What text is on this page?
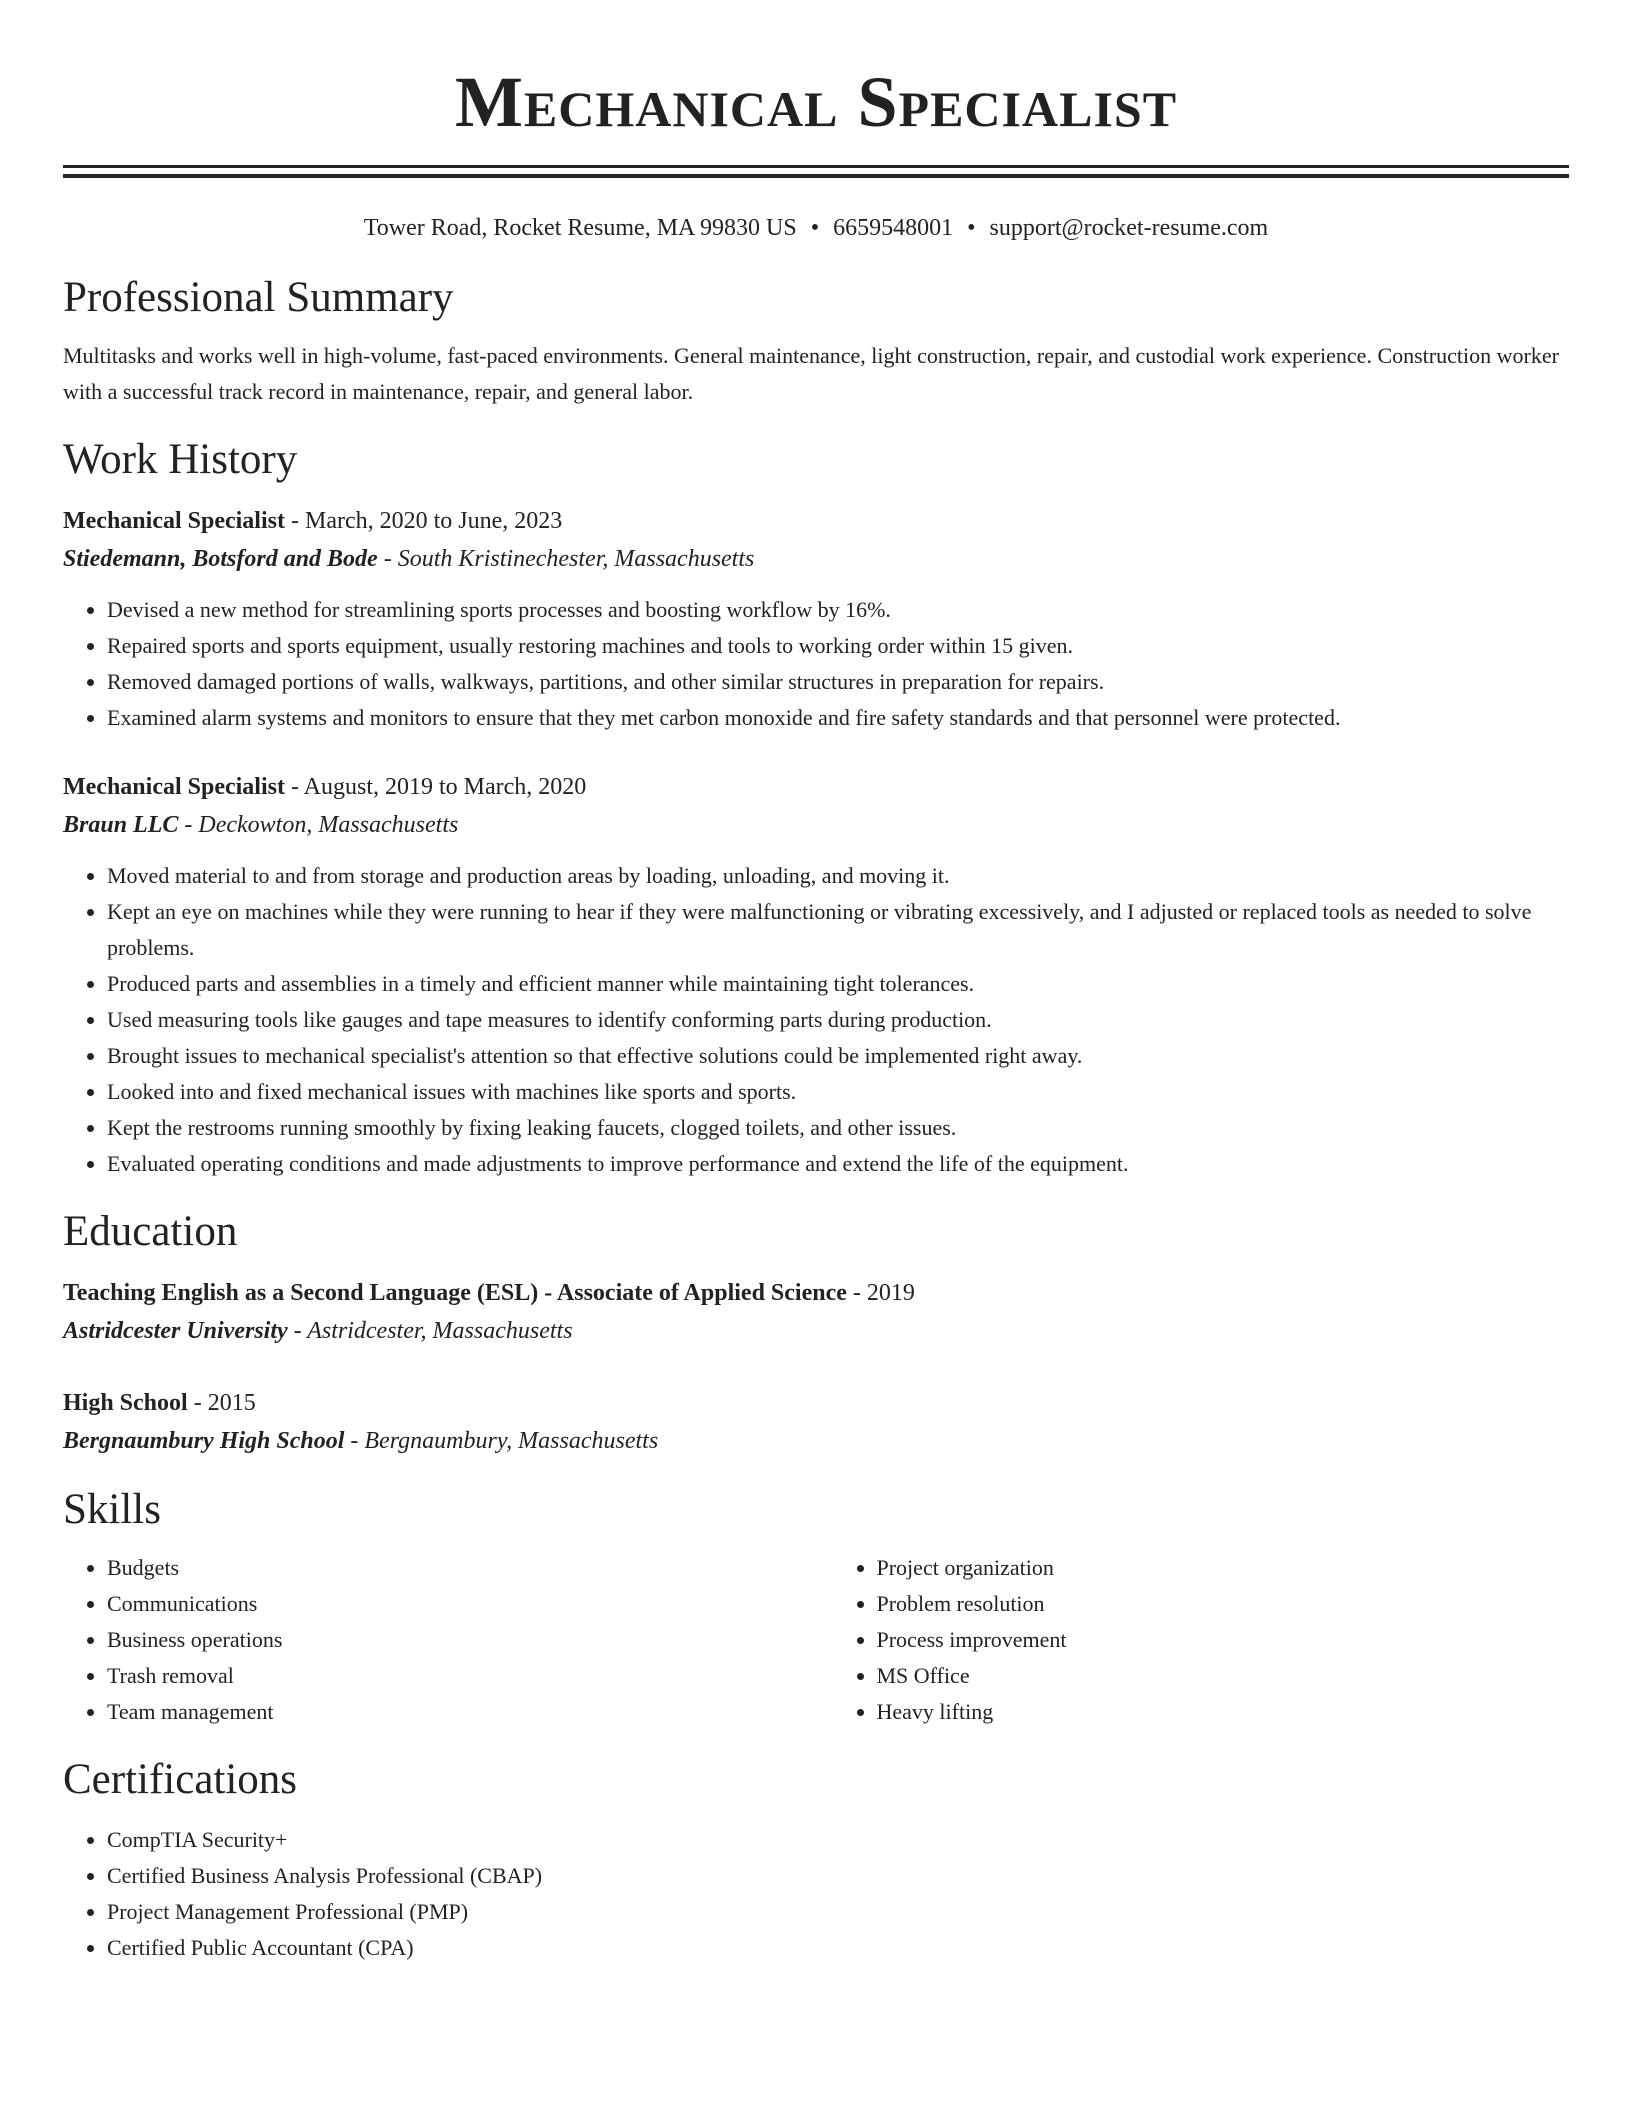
Mechanical Specialist
Tower Road, Rocket Resume, MA 99830 US • 6659548001 • support@rocket-resume.com
Professional Summary
Multitasks and works well in high-volume, fast-paced environments. General maintenance, light construction, repair, and custodial work experience. Construction worker with a successful track record in maintenance, repair, and general labor.
Work History
Mechanical Specialist - March, 2020 to June, 2023
Stiedemann, Botsford and Bode - South Kristinechester, Massachusetts
• Devised a new method for streamlining sports processes and boosting workflow by 16%.
• Repaired sports and sports equipment, usually restoring machines and tools to working order within 15 given.
• Removed damaged portions of walls, walkways, partitions, and other similar structures in preparation for repairs.
• Examined alarm systems and monitors to ensure that they met carbon monoxide and fire safety standards and that personnel were protected.
Mechanical Specialist - August, 2019 to March, 2020
Braun LLC - Deckowton, Massachusetts
• Moved material to and from storage and production areas by loading, unloading, and moving it.
• Kept an eye on machines while they were running to hear if they were malfunctioning or vibrating excessively, and I adjusted or replaced tools as needed to solve problems.
• Produced parts and assemblies in a timely and efficient manner while maintaining tight tolerances.
• Used measuring tools like gauges and tape measures to identify conforming parts during production.
• Brought issues to mechanical specialist's attention so that effective solutions could be implemented right away.
• Looked into and fixed mechanical issues with machines like sports and sports.
• Kept the restrooms running smoothly by fixing leaking faucets, clogged toilets, and other issues.
• Evaluated operating conditions and made adjustments to improve performance and extend the life of the equipment.
Education
Teaching English as a Second Language (ESL) - Associate of Applied Science - 2019
Astridcester University - Astridcester, Massachusetts
High School - 2015
Bergnaumbury High School - Bergnaumbury, Massachusetts
Skills
• Budgets
• Communications
• Business operations
• Trash removal
• Team management
• Project organization
• Problem resolution
• Process improvement
• MS Office
• Heavy lifting
Certifications
• CompTIA Security+
• Certified Business Analysis Professional (CBAP)
• Project Management Professional (PMP)
• Certified Public Accountant (CPA)
